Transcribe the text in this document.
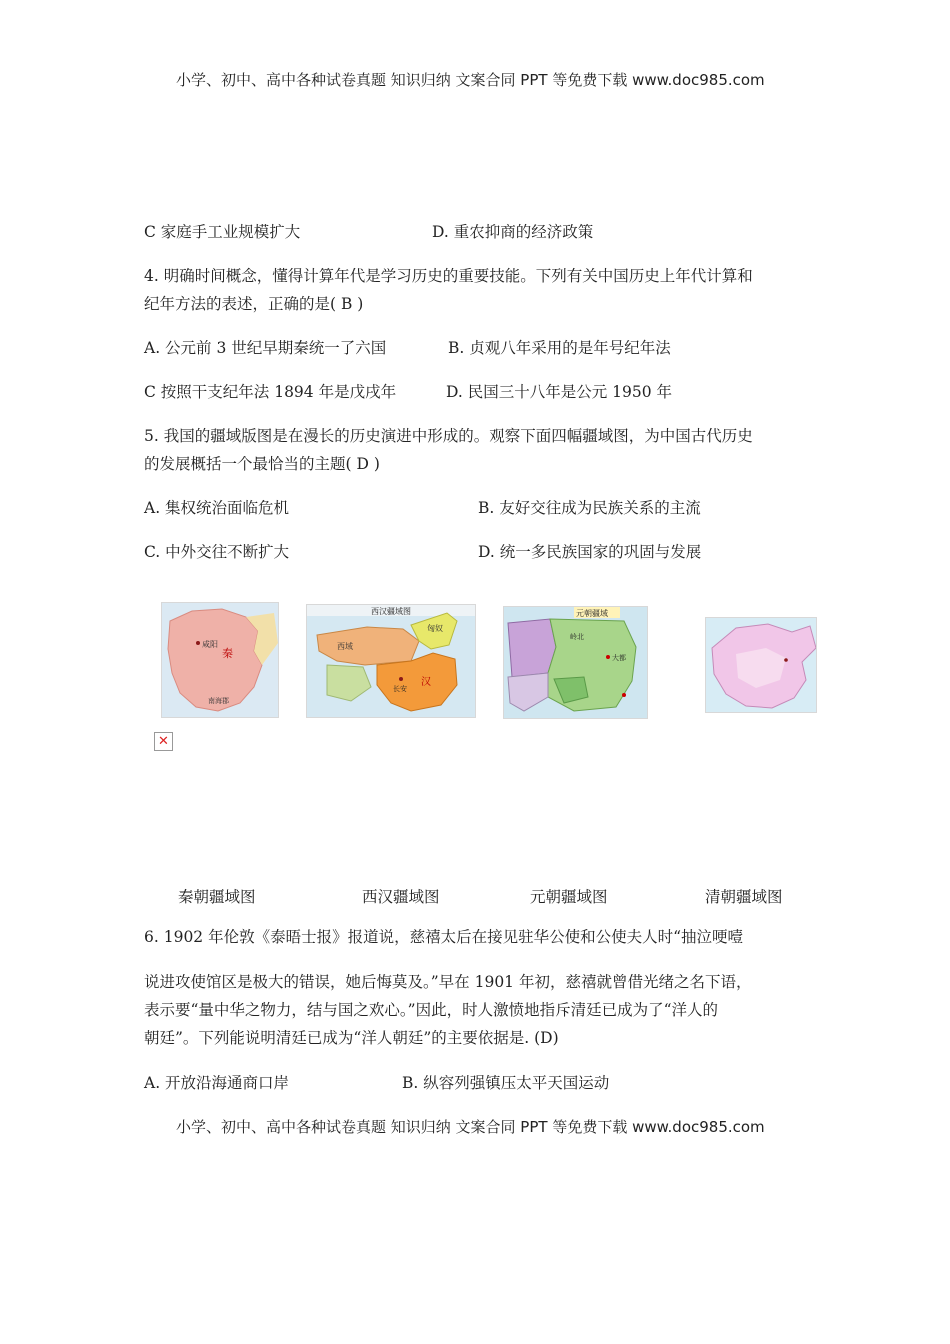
小学、初中、高中各种试卷真题 知识归纳 文案合同 PPT 等免费下载 www.doc985.com
C 家庭手工业规模扩大	D. 重农抑商的经济政策
4. 明确时间概念，懂得计算年代是学习历史的重要技能。下列有关中国历史上年代计算和
纪年方法的表述，正确的是( B )
A. 公元前 3 世纪早期秦统一了六国	B. 贞观八年采用的是年号纪年法
C 按照干支纪年法 1894 年是戊戌年	D. 民国三十八年是公元 1950 年
5. 我国的疆域版图是在漫长的历史演进中形成的。观察下面四幅疆域图，为中国古代历史
的发展概括一个最恰当的主题( D )
A. 集权统治面临危机	B. 友好交往成为民族关系的主流
C. 中外交往不断扩大	D. 统一多民族国家的巩固与发展
咸阳
秦
南海郡
西汉疆域图
匈奴
西域
长安
汉
元朝疆域
大都
岭北
✕
秦朝疆域图	西汉疆域图	元朝疆域图	清朝疆域图
6. 1902 年伦敦《泰晤士报》报道说，慈禧太后在接见驻华公使和公使夫人时“抽泣哽噎
说进攻使馆区是极大的错误，她后悔莫及。”早在 1901 年初，慈禧就曾借光绪之名下语，
表示要“量中华之物力，结与国之欢心。”因此，时人激愤地指斥清廷已成为了“洋人的
朝廷”。下列能说明清廷已成为“洋人朝廷”的主要依据是. (D)
A. 开放沿海通商口岸	B. 纵容列强镇压太平天国运动
小学、初中、高中各种试卷真题 知识归纳 文案合同 PPT 等免费下载 www.doc985.com
